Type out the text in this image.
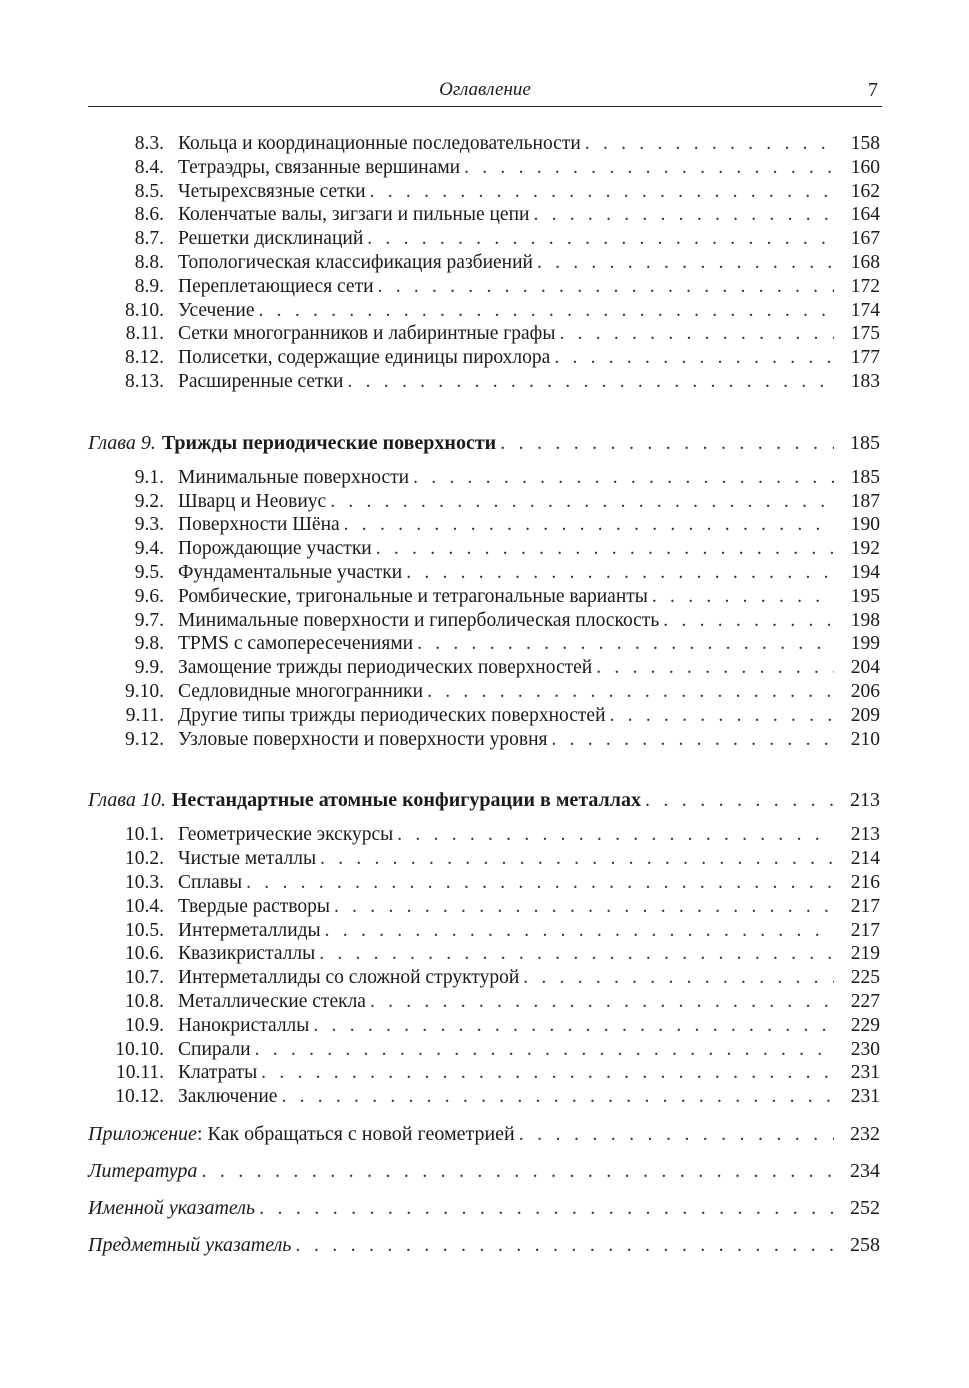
Оглавление	7
8.3. Кольца и координационные последовательности . . .	158
8.4. Тетраэдры, связанные вершинами . . .	160
8.5. Четырехсвязные сетки . . .	162
8.6. Коленчатые валы, зигзаги и пильные цепи . . .	164
8.7. Решетки дисклинаций . . .	167
8.8. Топологическая классификация разбиений . . .	168
8.9. Переплетающиеся сети . . .	172
8.10. Усечение . . .	174
8.11. Сетки многогранников и лабиринтные графы . . .	175
8.12. Полисетки, содержащие единицы пирохлора . . .	177
8.13. Расширенные сетки . . .	183
Глава 9. Трижды периодические поверхности . . .	185
9.1. Минимальные поверхности . . .	185
9.2. Шварц и Неовиус . . .	187
9.3. Поверхности Шёна . . .	190
9.4. Порождающие участки . . .	192
9.5. Фундаментальные участки . . .	194
9.6. Ромбические, тригональные и тетрагональные варианты . . .	195
9.7. Минимальные поверхности и гиперболическая плоскость . . .	198
9.8. TPMS с самопересечениями . . .	199
9.9. Замощение трижды периодических поверхностей . . .	204
9.10. Седловидные многогранники . . .	206
9.11. Другие типы трижды периодических поверхностей . . .	209
9.12. Узловые поверхности и поверхности уровня . . .	210
Глава 10. Нестандартные атомные конфигурации в металлах . . .	213
10.1. Геометрические экскурсы . . .	213
10.2. Чистые металлы . . .	214
10.3. Сплавы . . .	216
10.4. Твердые растворы . . .	217
10.5. Интерметаллиды . . .	217
10.6. Квазикристаллы . . .	219
10.7. Интерметаллиды со сложной структурой . . .	225
10.8. Металлические стекла . . .	227
10.9. Нанокристаллы . . .	229
10.10. Спирали . . .	230
10.11. Клатраты . . .	231
10.12. Заключение . . .	231
Приложение : Как обращаться с новой геометрией . . .	232
Литература . . .	234
Именной указатель . . .	252
Предметный указатель . . .	258
